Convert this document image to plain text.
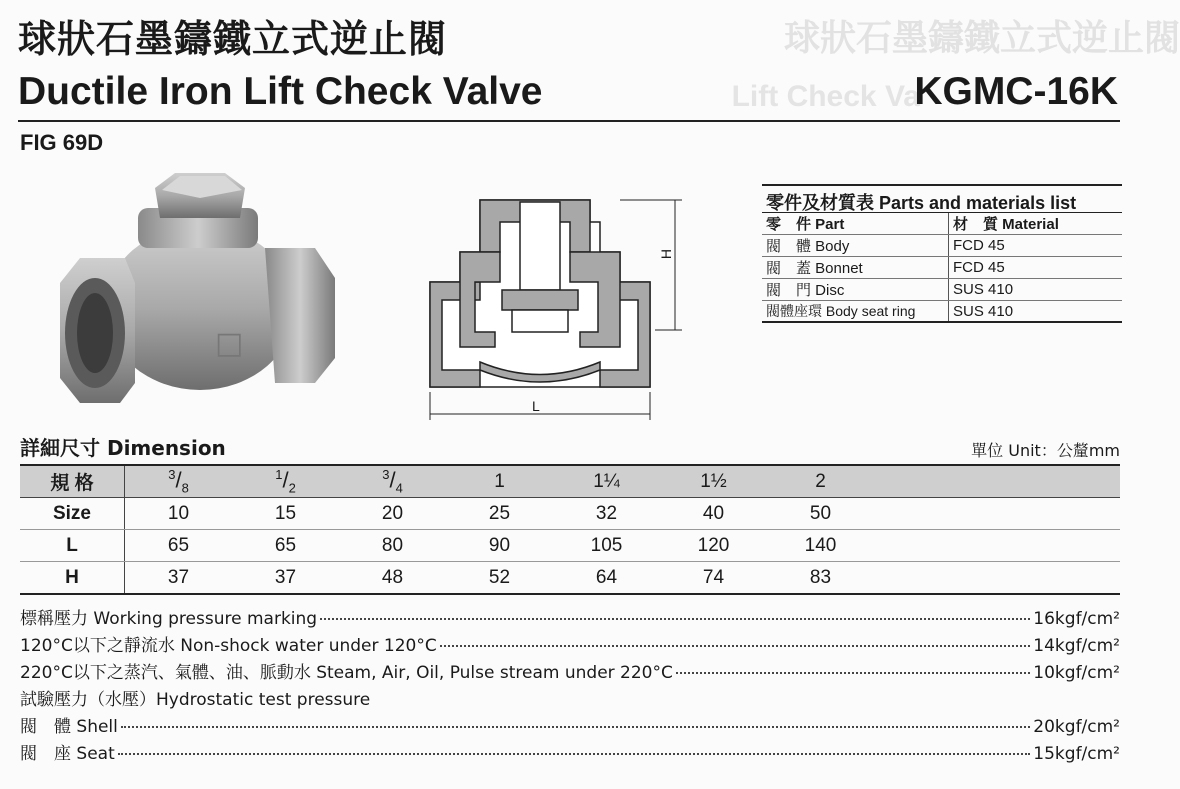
球狀石墨鑄鐵立式逆止閥
Lift Check Va
球狀石墨鑄鐵立式逆止閥
Ductile Iron Lift Check Valve	KGMC-16K
FIG 69D
□
H
L
零件及材質表 Parts and materials list
零　件 Part	材　質 Material
閥　體 Body	FCD 45
閥　蓋 Bonnet	FCD 45
閥　門 Disc	SUS 410
閥體座環 Body seat ring	SUS 410
詳細尺寸 Dimension	單位 Unit：公釐mm
規 格	$^3/_8$	$^1/_2$	$^3/_4$	1	1¼	1½	2	
Size	10	15	20	25	32	40	50	
L	65	65	80	90	105	120	140	
H	37	37	48	52	64	74	83	
標稱壓力 Working pressure marking	16kgf/cm²
120°C以下之靜流水 Non-shock water under 120°C	14kgf/cm²
220°C以下之蒸汽、氣體、油、脈動水 Steam, Air, Oil, Pulse stream under 220°C	10kgf/cm²
試驗壓力（水壓）Hydrostatic test pressure
閥　體 Shell	20kgf/cm²
閥　座 Seat	15kgf/cm²
